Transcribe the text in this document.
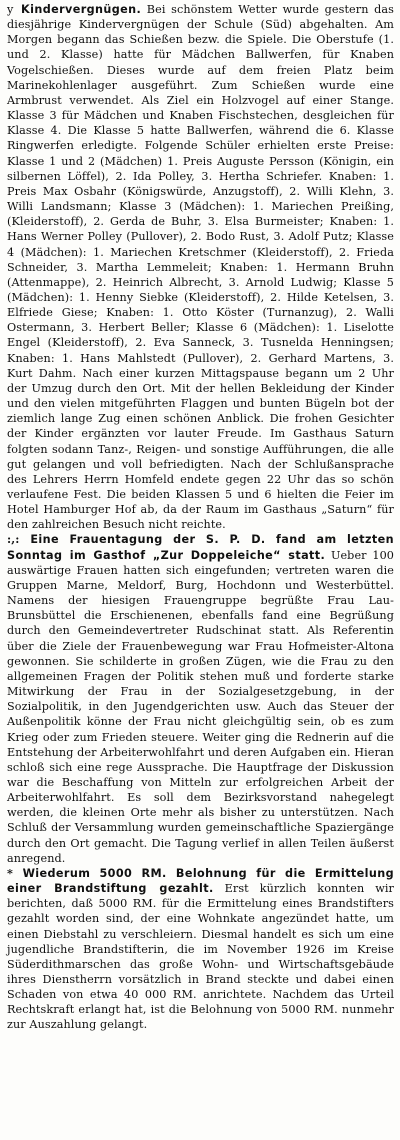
y Kindervergnügen. Bei schönstem Wetter wurde gestern das diesjährige Kindervergnügen der Schule (Süd) abgehalten. Am Morgen begann das Schießen bezw. die Spiele. Die Oberstufe (1. und 2. Klasse) hatte für Mädchen Ballwerfen, für Knaben Vogelschießen. Dieses wurde auf dem freien Platz beim Marinekohlenlager ausgeführt. Zum Schießen wurde eine Armbrust verwendet. Als Ziel ein Holzvogel auf einer Stange. Klasse 3 für Mädchen und Knaben Fischstechen, desgleichen für Klasse 4. Die Klasse 5 hatte Ballwerfen, während die 6. Klasse Ringwerfen erledigte. Folgende Schüler erhielten erste Preise: Klasse 1 und 2 (Mädchen) 1. Preis Auguste Persson (Königin, ein silbernen Löffel), 2. Ida Polley, 3. Hertha Schriefer. Knaben: 1. Preis Max Osbahr (Königswürde, Anzugstoff), 2. Willi Klehn, 3. Willi Landsmann; Klasse 3 (Mädchen): 1. Mariechen Preißing, (Kleiderstoff), 2. Gerda de Buhr, 3. Elsa Burmeister; Knaben: 1. Hans Werner Polley (Pullover), 2. Bodo Rust, 3. Adolf Putz; Klasse 4 (Mädchen): 1. Mariechen Kretschmer (Kleiderstoff), 2. Frieda Schneider, 3. Martha Lemmeleit; Knaben: 1. Hermann Bruhn (Attenmappe), 2. Heinrich Albrecht, 3. Arnold Ludwig; Klasse 5 (Mädchen): 1. Henny Siebke (Kleiderstoff), 2. Hilde Ketelsen, 3. Elfriede Giese; Knaben: 1. Otto Köster (Turnanzug), 2. Walli Ostermann, 3. Herbert Beller; Klasse 6 (Mädchen): 1. Liselotte Engel (Kleiderstoff), 2. Eva Sanneck, 3. Tusnelda Henningsen; Knaben: 1. Hans Mahlstedt (Pullover), 2. Gerhard Martens, 3. Kurt Dahm. Nach einer kurzen Mittagspause begann um 2 Uhr der Umzug durch den Ort. Mit der hellen Bekleidung der Kinder und den vielen mitgeführten Flaggen und bunten Bügeln bot der ziemlich lange Zug einen schönen Anblick. Die frohen Gesichter der Kinder ergänzten vor lauter Freude. Im Gasthaus Saturn folgten sodann Tanz-, Reigen- und sonstige Aufführungen, die alle gut gelangen und voll befriedigten. Nach der Schlußansprache des Lehrers Herrn Homfeld endete gegen 22 Uhr das so schön verlaufene Fest. Die beiden Klassen 5 und 6 hielten die Feier im Hotel Hamburger Hof ab, da der Raum im Gasthaus „Saturn“ für den zahlreichen Besuch nicht reichte.

:,: Eine Frauentagung der S. P. D. fand am letzten Sonntag im Gasthof „Zur Doppeleiche“ statt. Ueber 100 auswärtige Frauen hatten sich eingefunden; vertreten waren die Gruppen Marne, Meldorf, Burg, Hochdonn und Westerbüttel. Namens der hiesigen Frauengruppe begrüßte Frau Lau-Brunsbüttel die Erschienenen, ebenfalls fand eine Begrüßung durch den Gemeindevertreter Rudschinat statt. Als Referentin über die Ziele der Frauenbewegung war Frau Hofmeister-Altona gewonnen. Sie schilderte in großen Zügen, wie die Frau zu den allgemeinen Fragen der Politik stehen muß und forderte starke Mitwirkung der Frau in der Sozialgesetzgebung, in der Sozialpolitik, in den Jugendgerichten usw. Auch das Steuer der Außenpolitik könne der Frau nicht gleichgültig sein, ob es zum Krieg oder zum Frieden steuere. Weiter ging die Rednerin auf die Entstehung der Arbeiterwohlfahrt und deren Aufgaben ein. Hieran schloß sich eine rege Aussprache. Die Hauptfrage der Diskussion war die Beschaffung von Mitteln zur erfolgreichen Arbeit der Arbeiterwohlfahrt. Es soll dem Bezirksvorstand nahegelegt werden, die kleinen Orte mehr als bisher zu unterstützen. Nach Schluß der Versammlung wurden gemeinschaftliche Spaziergänge durch den Ort gemacht. Die Tagung verlief in allen Teilen äußerst anregend.

* Wiederum 5000 RM. Belohnung für die Ermittelung einer Brandstiftung gezahlt. Erst kürzlich konnten wir berichten, daß 5000 RM. für die Ermittelung eines Brandstifters gezahlt worden sind, der eine Wohnkate angezündet hatte, um einen Diebstahl zu verschleiern. Diesmal handelt es sich um eine jugendliche Brandstifterin, die im November 1926 im Kreise Süderdithmarschen das große Wohn- und Wirtschaftsgebäude ihres Dienstherrn vorsätzlich in Brand steckte und dabei einen Schaden von etwa 40 000 RM. anrichtete. Nachdem das Urteil Rechtskraft erlangt hat, ist die Belohnung von 5000 RM. nunmehr zur Auszahlung gelangt.
